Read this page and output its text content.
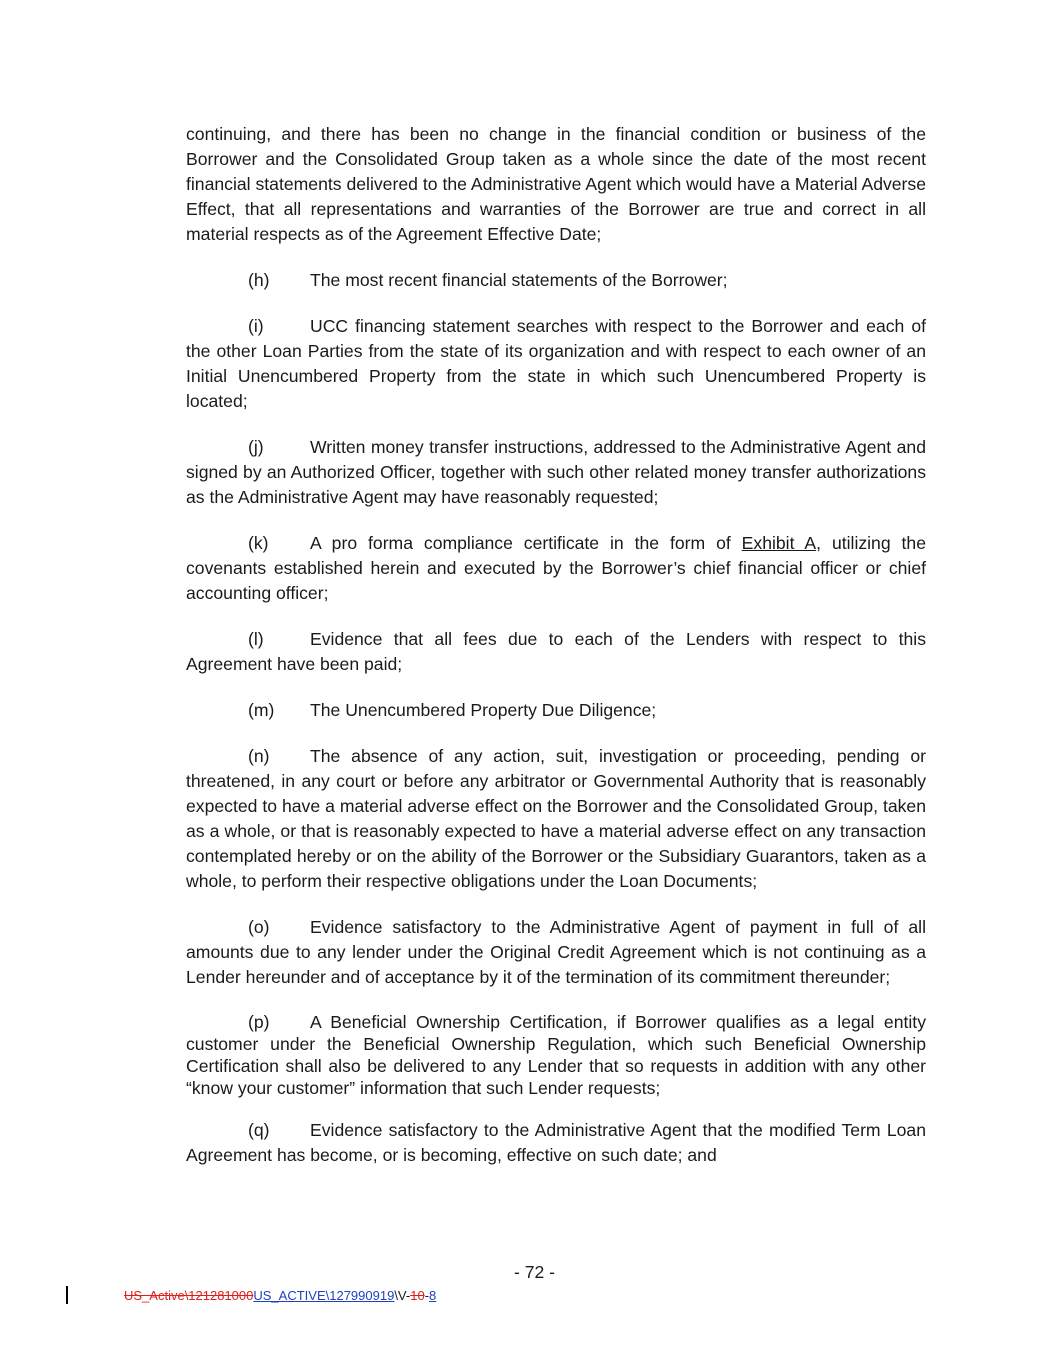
continuing, and there has been no change in the financial condition or business of the Borrower and the Consolidated Group taken as a whole since the date of the most recent financial statements delivered to the Administrative Agent which would have a Material Adverse Effect, that all representations and warranties of the Borrower are true and correct in all material respects as of the Agreement Effective Date;

(h) The most recent financial statements of the Borrower;

(i)	UCC financing statement searches with respect to the Borrower and each of the other Loan Parties from the state of its organization and with respect to each owner of an Initial Unencumbered Property from the state in which such Unencumbered Property is located;

(j)	Written money transfer instructions, addressed to the Administrative Agent and signed by an Authorized Officer, together with such other related money transfer authorizations as the Administrative Agent may have reasonably requested;

(k) A pro forma compliance certificate in the form of Exhibit A, utilizing the covenants established herein and executed by the Borrower’s chief financial officer or chief accounting officer;

(l)	Evidence that all fees due to each of the Lenders with respect to this Agreement have been paid;

(m) The Unencumbered Property Due Diligence;

(n) The absence of any action, suit, investigation or proceeding, pending or threatened, in any court or before any arbitrator or Governmental Authority that is reasonably expected to have a material adverse effect on the Borrower and the Consolidated Group, taken as a whole, or that is reasonably expected to have a material adverse effect on any transaction contemplated hereby or on the ability of the Borrower or the Subsidiary Guarantors, taken as a whole, to perform their respective obligations under the Loan Documents;

(o) Evidence satisfactory to the Administrative Agent of payment in full of all amounts due to any lender under the Original Credit Agreement which is not continuing as a Lender hereunder and of acceptance by it of the termination of its commitment thereunder;

(p) A Beneficial Ownership Certification, if Borrower qualifies as a legal entity customer under the Beneficial Ownership Regulation, which such Beneficial Ownership Certification shall also be delivered to any Lender that so requests in addition with any other “know your customer” information that such Lender requests;

(q) Evidence satisfactory to the Administrative Agent that the modified Term Loan Agreement has become, or is becoming, effective on such date; and

- 72 -
US_Active\121281000US_ACTIVE\127990919\V-10-8
